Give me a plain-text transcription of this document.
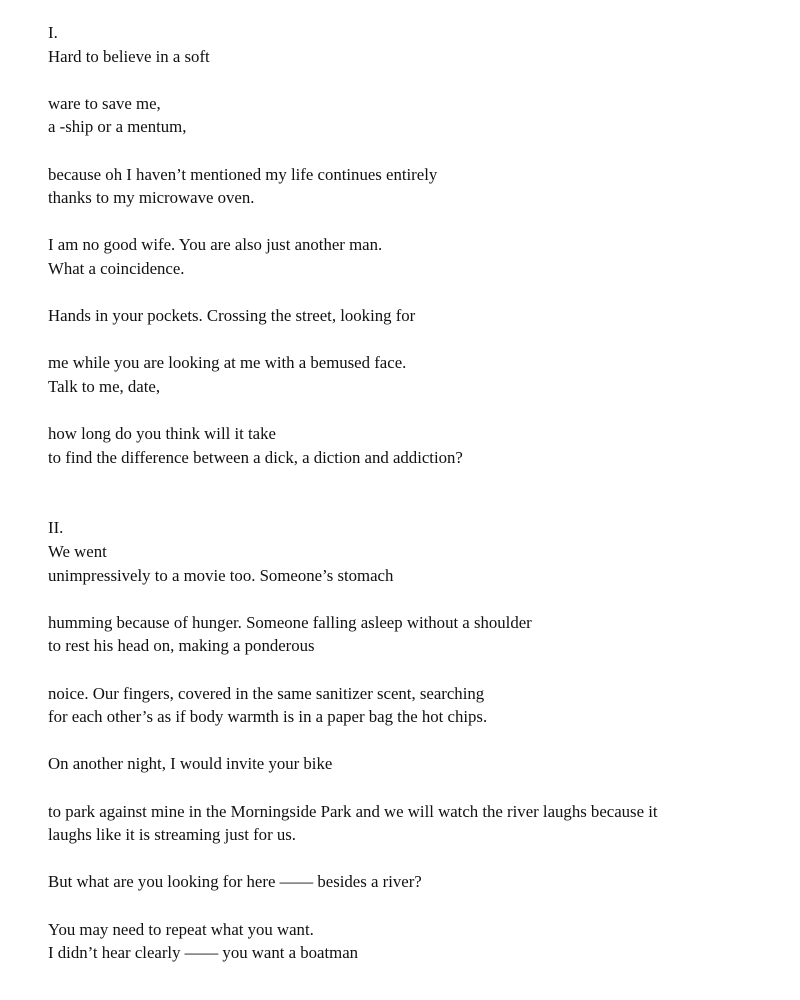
I.
Hard to believe in a soft
ware to save me,
a -ship or a mentum,
because oh I haven’t mentioned my life continues entirely
thanks to my microwave oven.
I am no good wife. You are also just another man.
What a coincidence.
Hands in your pockets. Crossing the street, looking for
me while you are looking at me with a bemused face.
Talk to me, date,
how long do you think will it take
to find the difference between a dick, a diction and addiction?
II.
We went
unimpressively to a movie too. Someone’s stomach
humming because of hunger. Someone falling asleep without a shoulder
to rest his head on, making a ponderous
noice. Our fingers, covered in the same sanitizer scent, searching
for each other’s as if body warmth is in a paper bag the hot chips.
On another night, I would invite your bike
to park against mine in the Morningside Park and we will watch the river laughs because it
laughs like it is streaming just for us.
But what are you looking for here —— besides a river?
You may need to repeat what you want.
I didn’t hear clearly —— you want a boatman
